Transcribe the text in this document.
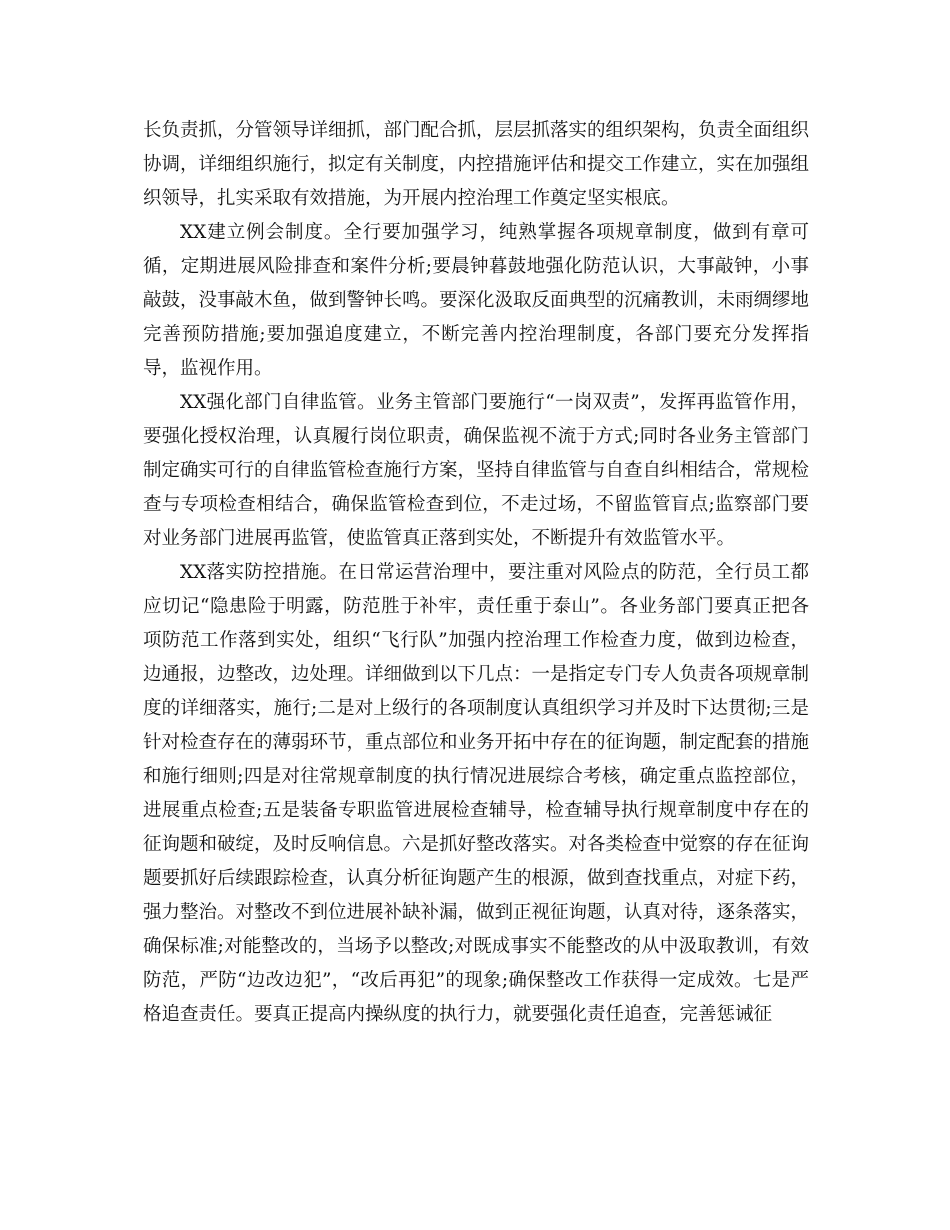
长负责抓，分管领导详细抓，部门配合抓，层层抓落实的组织架构，负责全面组织协调，详细组织施行，拟定有关制度，内控措施评估和提交工作建立，实在加强组织领导，扎实采取有效措施，为开展内控治理工作奠定坚实根底。

XX建立例会制度。全行要加强学习，纯熟掌握各项规章制度，做到有章可循，定期进展风险排查和案件分析;要晨钟暮鼓地强化防范认识，大事敲钟，小事敲鼓，没事敲木鱼，做到警钟长鸣。要深化汲取反面典型的沉痛教训，未雨绸缪地完善预防措施;要加强追度建立，不断完善内控治理制度，各部门要充分发挥指导，监视作用。

XX强化部门自律监管。业务主管部门要施行“一岗双责”，发挥再监管作用，要强化授权治理，认真履行岗位职责，确保监视不流于方式;同时各业务主管部门制定确实可行的自律监管检查施行方案，坚持自律监管与自查自纠相结合，常规检查与专项检查相结合，确保监管检查到位，不走过场，不留监管盲点;监察部门要对业务部门进展再监管，使监管真正落到实处，不断提升有效监管水平。

XX落实防控措施。在日常运营治理中，要注重对风险点的防范，全行员工都应切记“隐患险于明露，防范胜于补牢，责任重于泰山”。各业务部门要真正把各项防范工作落到实处，组织“飞行队”加强内控治理工作检查力度，做到边检查，边通报，边整改，边处理。详细做到以下几点：一是指定专门专人负责各项规章制度的详细落实，施行;二是对上级行的各项制度认真组织学习并及时下达贯彻;三是针对检查存在的薄弱环节，重点部位和业务开拓中存在的征询题，制定配套的措施和施行细则;四是对往常规章制度的执行情况进展综合考核，确定重点监控部位，进展重点检查;五是装备专职监管进展检查辅导，检查辅导执行规章制度中存在的征询题和破绽，及时反响信息。六是抓好整改落实。对各类检查中觉察的存在征询题要抓好后续跟踪检查，认真分析征询题产生的根源，做到查找重点，对症下药，强力整治。对整改不到位进展补缺补漏，做到正视征询题，认真对待，逐条落实，确保标准;对能整改的，当场予以整改;对既成事实不能整改的从中汲取教训，有效防范，严防“边改边犯”，“改后再犯”的现象;确保整改工作获得一定成效。七是严格追查责任。要真正提高内操纵度的执行力，就要强化责任追查，完善惩诫征
